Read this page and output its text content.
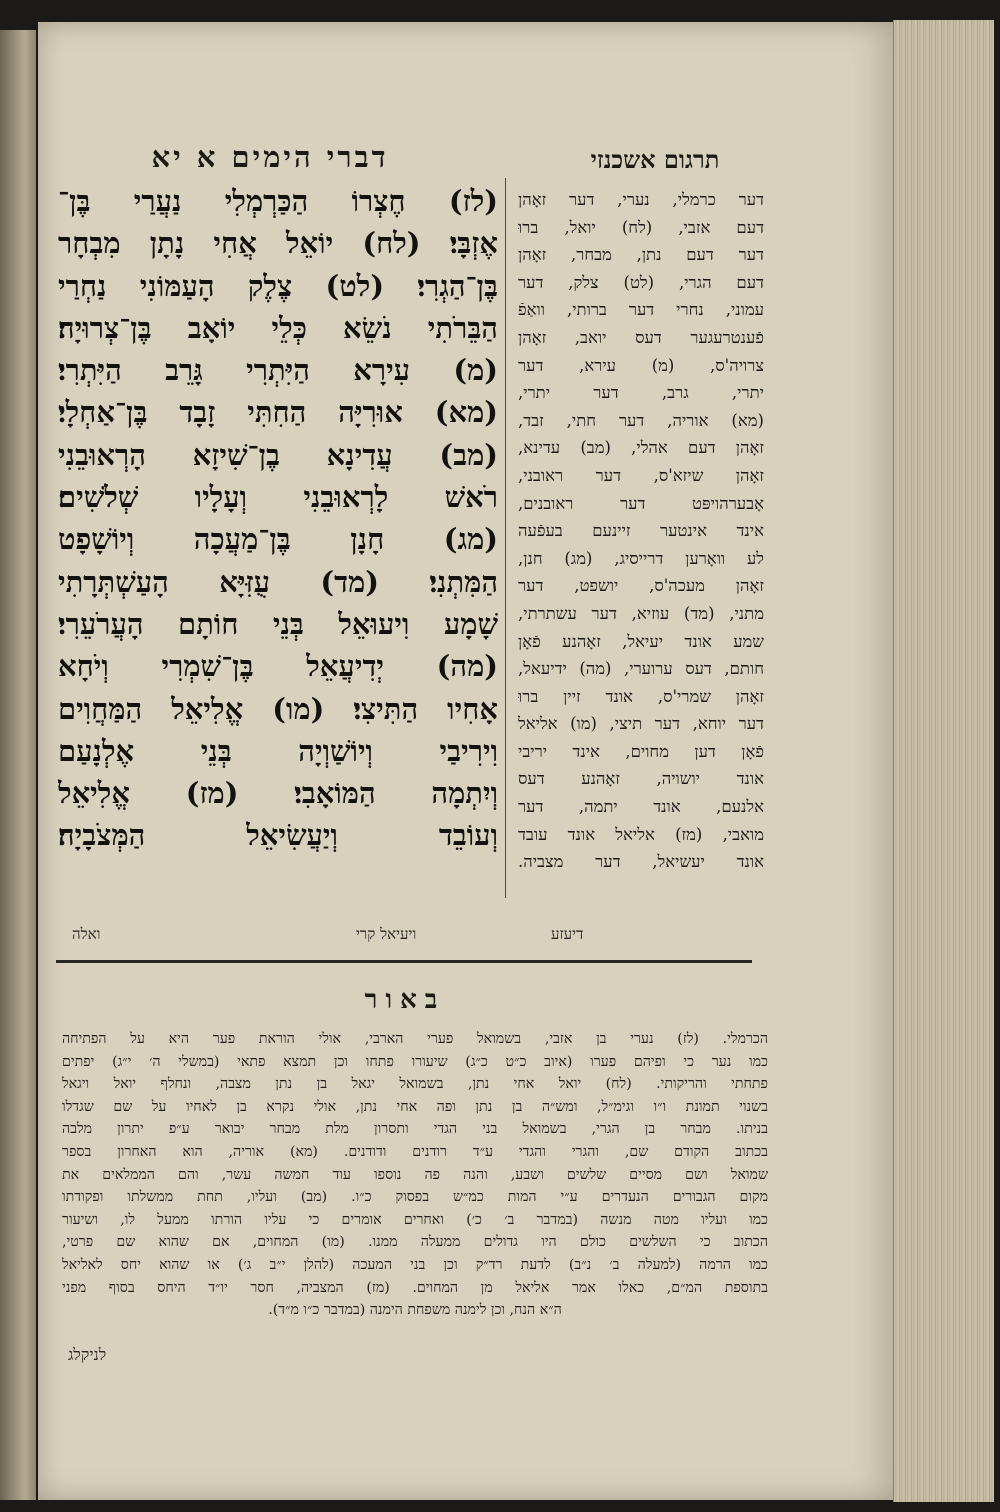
דברי הימים א יא	תרגום אשכנזי
(לז) חֶצְרוֹ הַכַּרְמְלִי נַעֲרַי בֶּן־
אֶזְבָּי׃ (לח) יוֹאֵל אֲחִי נָתָן מִבְחָר
בֶּן־הַגְרִי׃ (לט) צֶלֶק הָעַמּוֹנִי נַחְרַי
הַבֵּרֹתִי נֹשֵׂא כְּלֵי יוֹאָב בֶּן־צְרוּיָה׃
(מ) עִירָא הַיִּתְרִי גָּרֵב הַיִּתְרִי׃
(מא) אוּרִיָּה הַחִתִּי זָבָד בֶּן־אַחְלָי׃
(מב) עֲדִינָא בֶן־שִׁיזָא הָרְאוּבֵנִי
רֹאשׁ לָרְאוּבֵנִי וְעָלָיו שְׁלֹשִׁים׃
(מג) חָנָן בֶּן־מַעֲכָה וְיוֹשָׁפָט
הַמִּתְנִי׃ (מד) עֻזִּיָּא הָעַשְׁתְּרָתִי
שָׁמָע וִיעוּאֵל בְּנֵי חוֹתָם הָעֲרֹעֵרִי׃
(מה) יְדִיעֲאֵל בֶּן־שִׁמְרִי וְיֹחָא
אָחִיו הַתִּיצִי׃ (מו) אֱלִיאֵל הַמַּחֲוִים
וִירִיבַי וְיוֹשַׁוְיָה בְּנֵי אֶלְנָעַם
וְיִתְמָה הַמּוֹאָבִי׃ (מז) אֱלִיאֵל
וְעוֹבֵד וְיַעֲשִׂיאֵל הַמְּצֹבָיָה׃
דער כרמלי, נערי, דער זאָהן
דעם אזבי, (לח) יואל, ברוּ
דער דעם נתן, מבחר, זאָהן
דעם הגרי, (לט) צלק, דער
עמוני, נחרי דער ברותי, וואַפֿ
פֿענטרעגער דעס יואב, זאָהן
צרויה'ס, (מ) עירא, דער
יתרי, גרב, דער יתרי,
(מא) אוריה, דער חתי, זבד,
זאָהן דעם אהלי, (מב) עדינא,
זאָהן שיזא'ס, דער ראובני,
אָבערהויפּט דער ראובנים,
אינד אינטער זיינעם בעפֿעה
לע וואָרען דרייסיג, (מג) חנן,
זאָהן מעכה'ס, יושפט, דער
מתני, (מד) עוזיא, דער עשתרתי,
שמע אונד יעיאל, זאָהנע פֿאָן
חותם, דעס ערוערי, (מה) ידיעאל,
זאָהן שמרי'ס, אונד זיין ברוּ
דער יוחא, דער תיצי, (מו) אליאל
פֿאָן דען מחוים, אינד יריבי
אונד יושויה, זאָהנע דעס
אלנעם, אונד יתמה, דער
מואבי, (מז) אליאל אונד עובד
אונד יעשיאל, דער מצביה.
ואלה	ויעיאל קרי	דיעזע
באור
הכרמלי. (לז) נערי בן אזבי, בשמואל פערי הארבי, אולי הוראת פער היא על הפתיחה
כמו נער כי ופיהם פערו (איוב כ״ט כ״ג) שיעורו פתחו וכן תמצא פתאי (במשלי ה׳ י״ג) יפתים
פתחתי והריקותי. (לח) יואל אחי נתן, בשמואל יגאל בן נתן מצבה, ונחלף יואל ויגאל
בשנוי תמונת ו״ו וגימ״ל, ומש״ה בן נתן ופה אחי נתן, אולי נקרא בן לאחיו על שם שגדלו
בניתו. מבחר בן הגרי, בשמואל בני הגדי ותסרון מלת מבחר יבואר ע״פ יתרון מלבה
בכתוב הקודם שם, והגרי והגדי ע״ד רודנים ודודנים. (מא) אוריה, הוא האחרון בספר
שמואל ושם מסיים שלשים ושבע, והנה פה נוספו עוד חמשה עשר, והם הממלאים את
מקום הגבורים הנעדרים ע״י המות כמ״ש בפסוק כ״ו. (מב) ועליו, תחת ממשלתו ופקודתו
כמו ועליו מטה מנשה (במדבר ב׳ כ׳) ואחרים אומרים כי עליו הורתו ממעל לו, ושיעור
הכתוב כי השלשים כולם היו גדולים ממעלה ממנו. (מו) המחוים, אם שהוא שם פרטי,
כמו הרמה (למעלה ב׳ נ״ב) לדעת רד״ק וכן בני המעכה (להלן י״ב ג׳) או שהוא יחס לאליאל
בתוספת המ״ם, כאלו אמר אליאל מן המחוים. (מז) המצביה, חסר יו״ד היחס בסוף מפני
ה״א הנח, וכן לימנה משפחת הימנה (במדבר כ״ו מ״ד).
לניקלג
